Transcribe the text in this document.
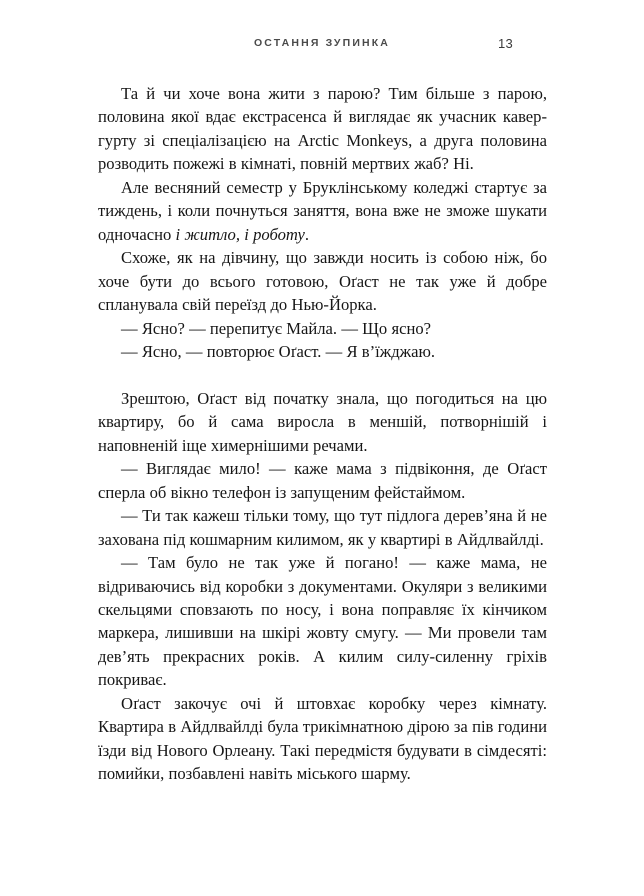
ОСТАННЯ ЗУПИНКА	13

Та й чи хоче вона жити з парою? Тим більше з парою, половина якої вдає екстрасенса й виглядає як учасник кавер-гурту зі спеціалізацією на Arctic Monkeys, а друга половина розводить пожежі в кімнаті, повній мертвих жаб? Ні.

Але весняний семестр у Бруклінському коледжі стартує за тиждень, і коли почнуться заняття, вона вже не зможе шукати одночасно і житло, і роботу.

Схоже, як на дівчину, що завжди носить із собою ніж, бо хоче бути до всього готовою, Оґаст не так уже й добре спланувала свій переїзд до Нью-Йорка.

— Ясно? — перепитує Майла. — Що ясно?

— Ясно, — повторює Оґаст. — Я в’їжджаю.

Зрештою, Оґаст від початку знала, що погодиться на цю квартиру, бо й сама виросла в меншій, потворнішій і наповненій іще химернішими речами.

— Виглядає мило! — каже мама з підвіконня, де Оґаст сперла об вікно телефон із запущеним фейстаймом.

— Ти так кажеш тільки тому, що тут підлога дерев’яна й не захована під кошмарним килимом, як у квартирі в Айдлвайлді.

— Там було не так уже й погано! — каже мама, не відриваючись від коробки з документами. Окуляри з великими скельцями сповзають по носу, і вона поправляє їх кінчиком маркера, лишивши на шкірі жовту смугу. — Ми провели там дев’ять прекрасних років. А килим силу-силенну гріхів покриває.

Оґаст закочує очі й штовхає коробку через кімнату. Квартира в Айдлвайлді була трикімнатною дірою за пів години їзди від Нового Орлеану. Такі передмістя будувати в сімдесяті: помийки, позбавлені навіть міського шарму.
